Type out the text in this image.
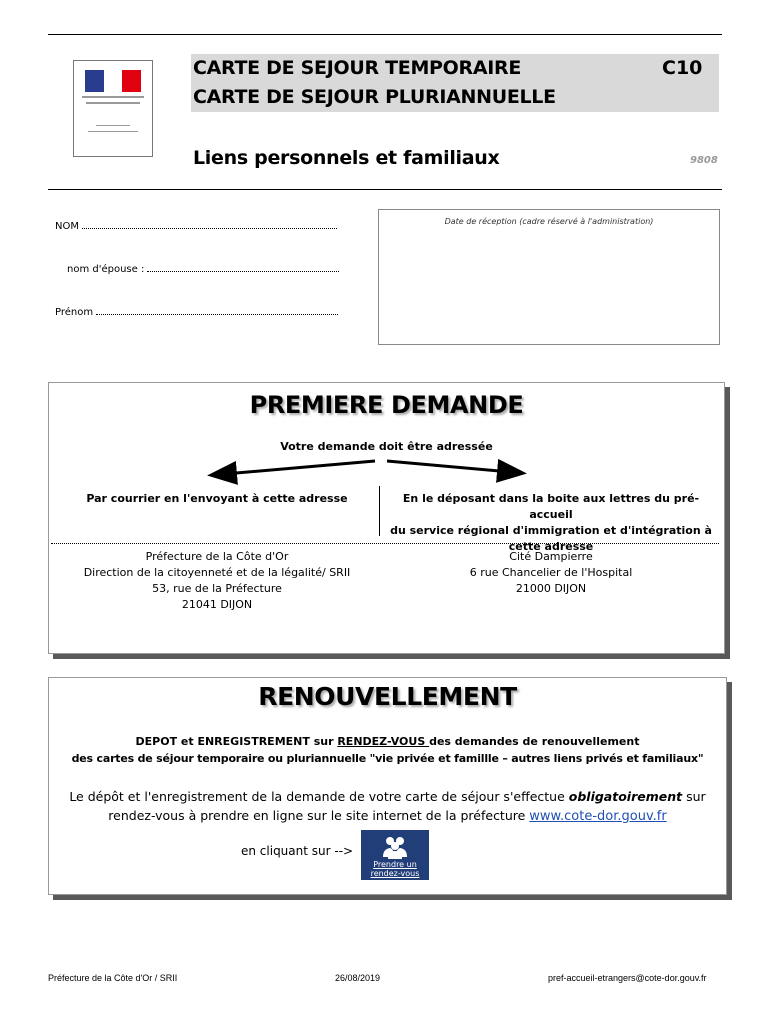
CARTE DE SEJOUR TEMPORAIRE
CARTE DE SEJOUR PLURIANNUELLE
C10
Liens personnels et familiaux	9808
NOM
nom d'épouse :
Prénom
Date de réception (cadre réservé à l'administration)
PREMIERE DEMANDE
Votre demande doit être adressée
Par courrier en l'envoyant à cette adresse	En le déposant dans la boite aux lettres du pré-accueil
du service régional d'immigration et d'intégration à
cette adresse
Préfecture de la Côte d'Or
Direction de la citoyenneté et de la légalité/ SRII
53, rue de la Préfecture
21041 DIJON
Cité Dampierre
6 rue Chancelier de l'Hospital
21000 DIJON
RENOUVELLEMENT
DEPOT et ENREGISTREMENT sur RENDEZ-VOUS des demandes de renouvellement
des cartes de séjour temporaire ou pluriannuelle "vie privée et famillle – autres liens privés et familiaux"
Le dépôt et l'enregistrement de la demande de votre carte de séjour s'effectue obligatoirement sur
rendez-vous à prendre en ligne sur le site internet de la préfecture www.cote-dor.gouv.fr
en cliquant sur -->
Prendre un
rendez-vous
Préfecture de la Côte d'Or / SRII	26/08/2019	pref-accueil-etrangers@cote-dor.gouv.fr
